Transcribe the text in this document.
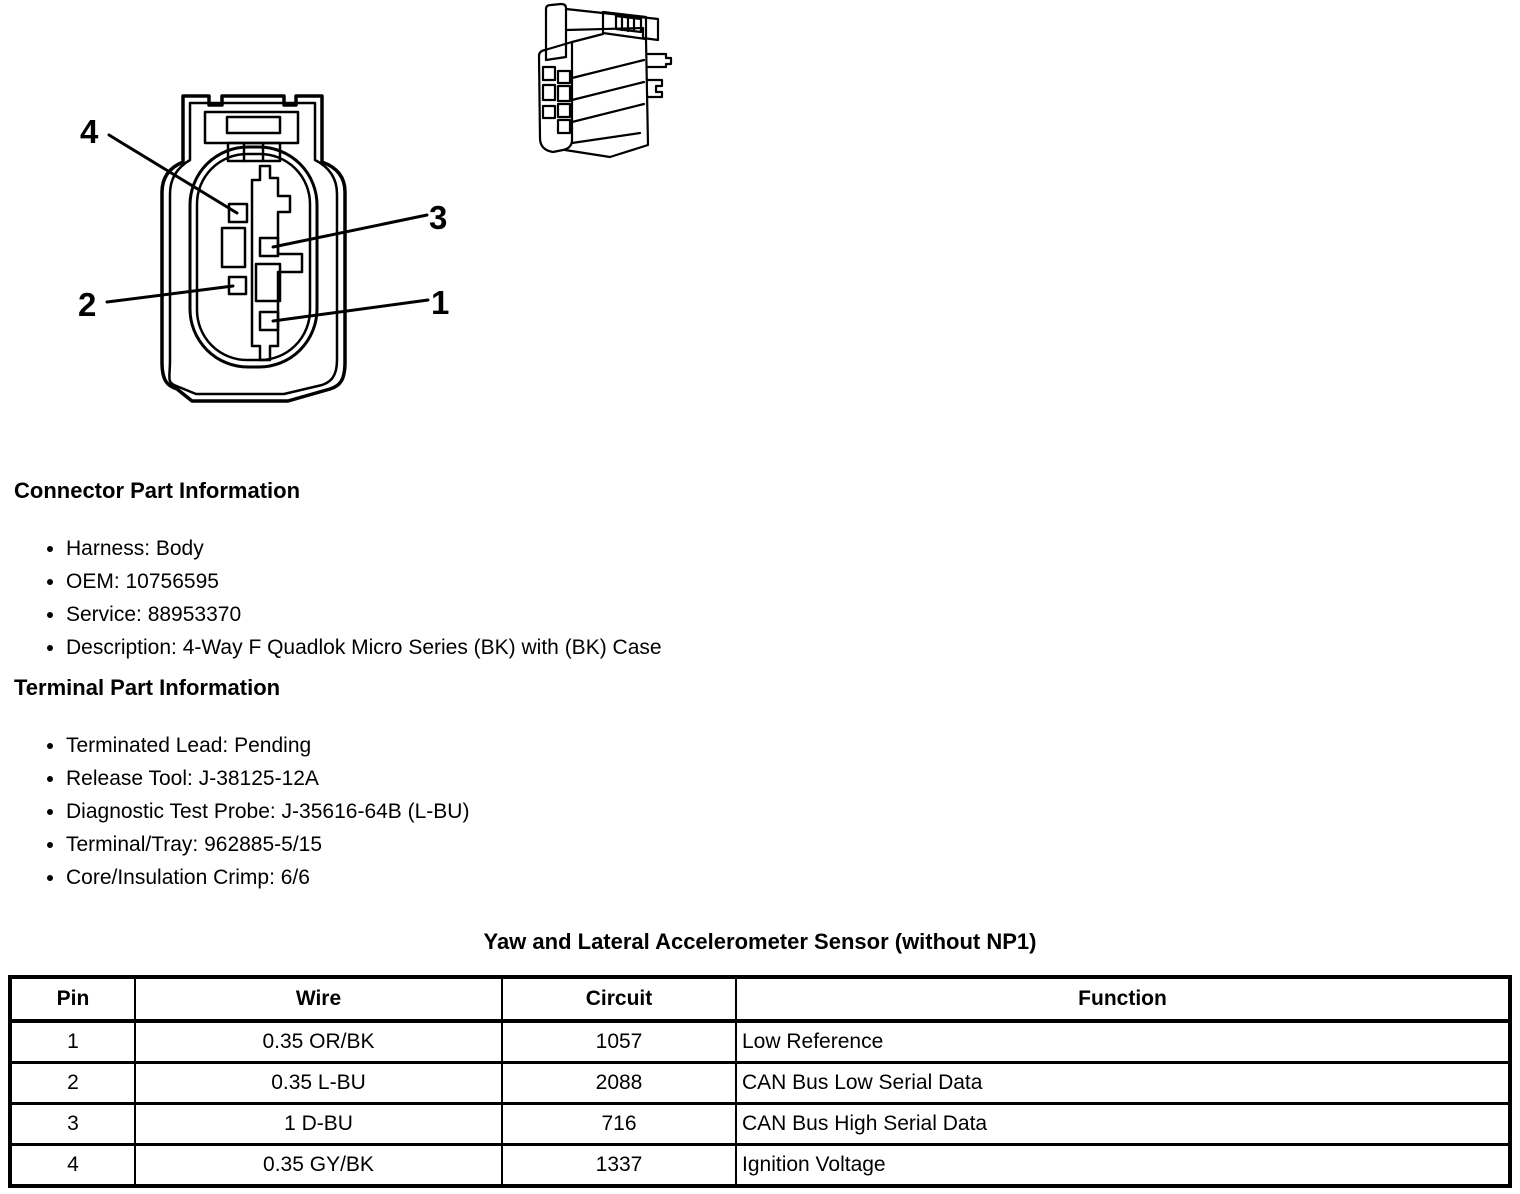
4
3
2	1
Connector Part Information
• Harness: Body
• OEM: 10756595
• Service: 88953370
• Description: 4-Way F Quadlok Micro Series (BK) with (BK) Case
Terminal Part Information
• Terminated Lead: Pending
• Release Tool: J-38125-12A
• Diagnostic Test Probe: J-35616-64B (L-BU)
• Terminal/Tray: 962885-5/15
• Core/Insulation Crimp: 6/6
Yaw and Lateral Accelerometer Sensor (without NP1)
Pin	Wire	Circuit	Function
1	0.35 OR/BK	1057	Low Reference
2	0.35 L-BU	2088	CAN Bus Low Serial Data
3	1 D-BU	716	CAN Bus High Serial Data
4	0.35 GY/BK	1337	Ignition Voltage
